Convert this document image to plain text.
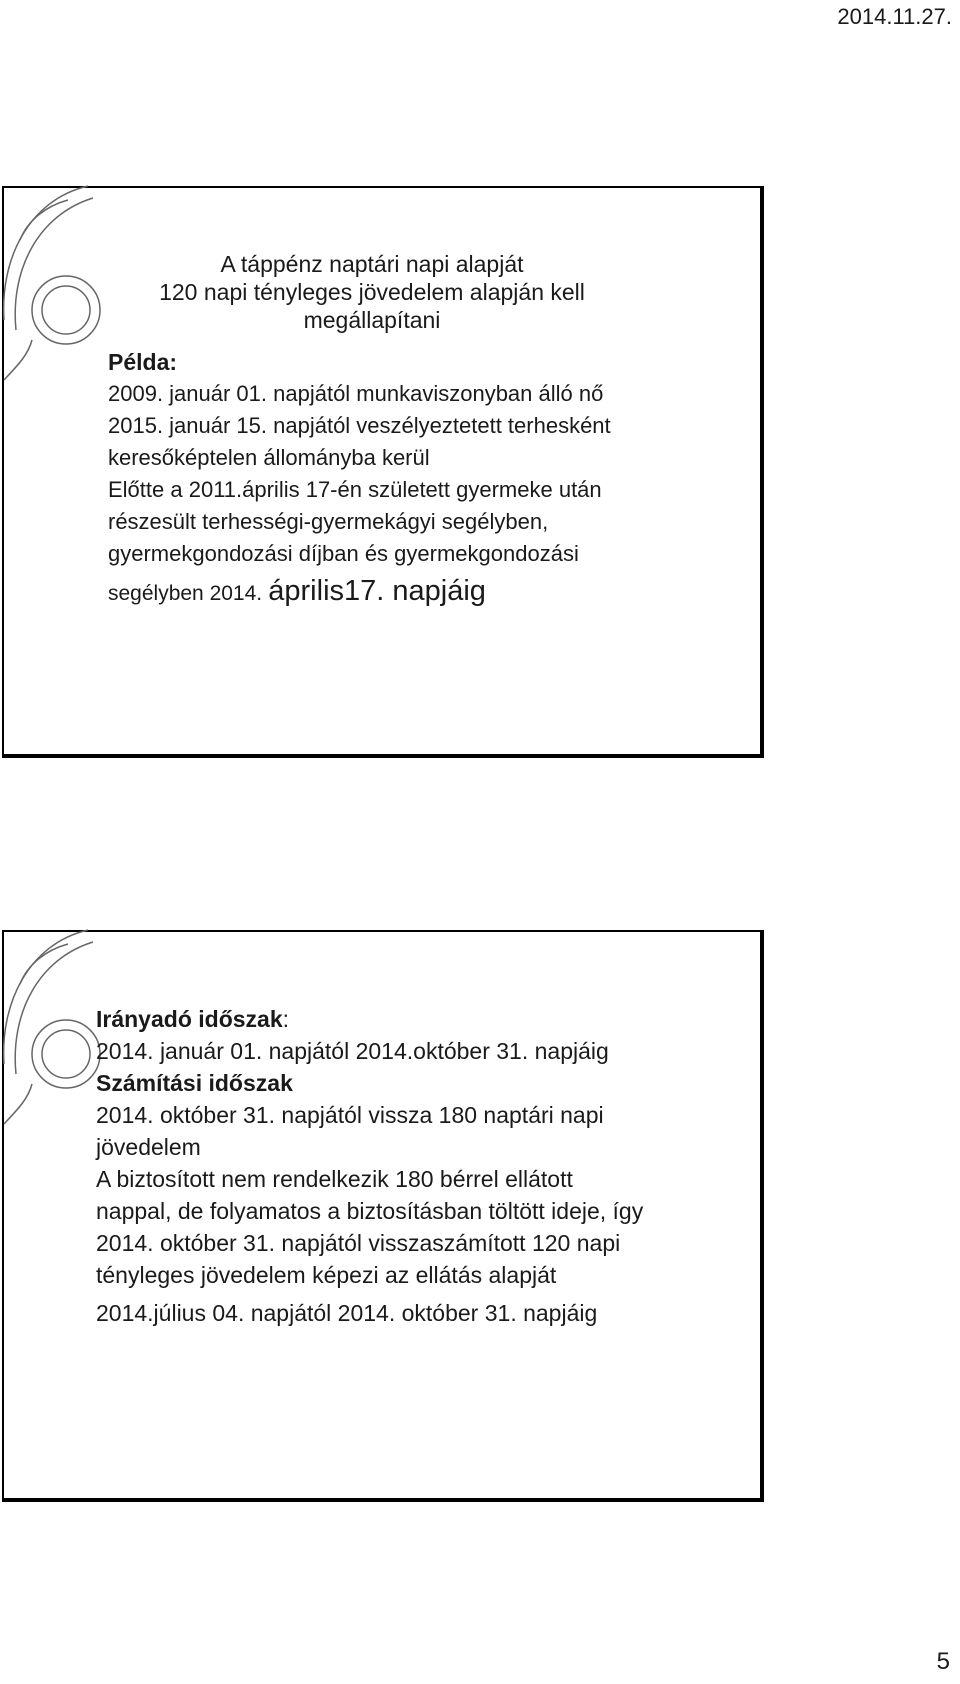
2014.11.27.
A táppénz naptári napi alapját
120 napi tényleges jövedelem alapján kell
megállapítani
Példa:
2009. január 01. napjától munkaviszonyban álló nő
2015. január 15. napjától veszélyeztetett terhesként
keresőképtelen állományba kerül
Előtte a 2011.április 17-én született gyermeke után
részesült terhességi-gyermekágyi segélyben,
gyermekgondozási díjban és gyermekgondozási
segélyben 2014. április17. napjáig
Irányadó időszak:
2014. január 01. napjától 2014.október 31. napjáig
Számítási időszak
2014. október 31. napjától vissza 180 naptári napi
jövedelem
A biztosított nem rendelkezik 180 bérrel ellátott
nappal, de folyamatos a biztosításban töltött ideje, így
2014. október 31. napjától visszaszámított 120 napi
tényleges jövedelem képezi az ellátás alapját
2014.július 04. napjától 2014. október 31. napjáig
5
